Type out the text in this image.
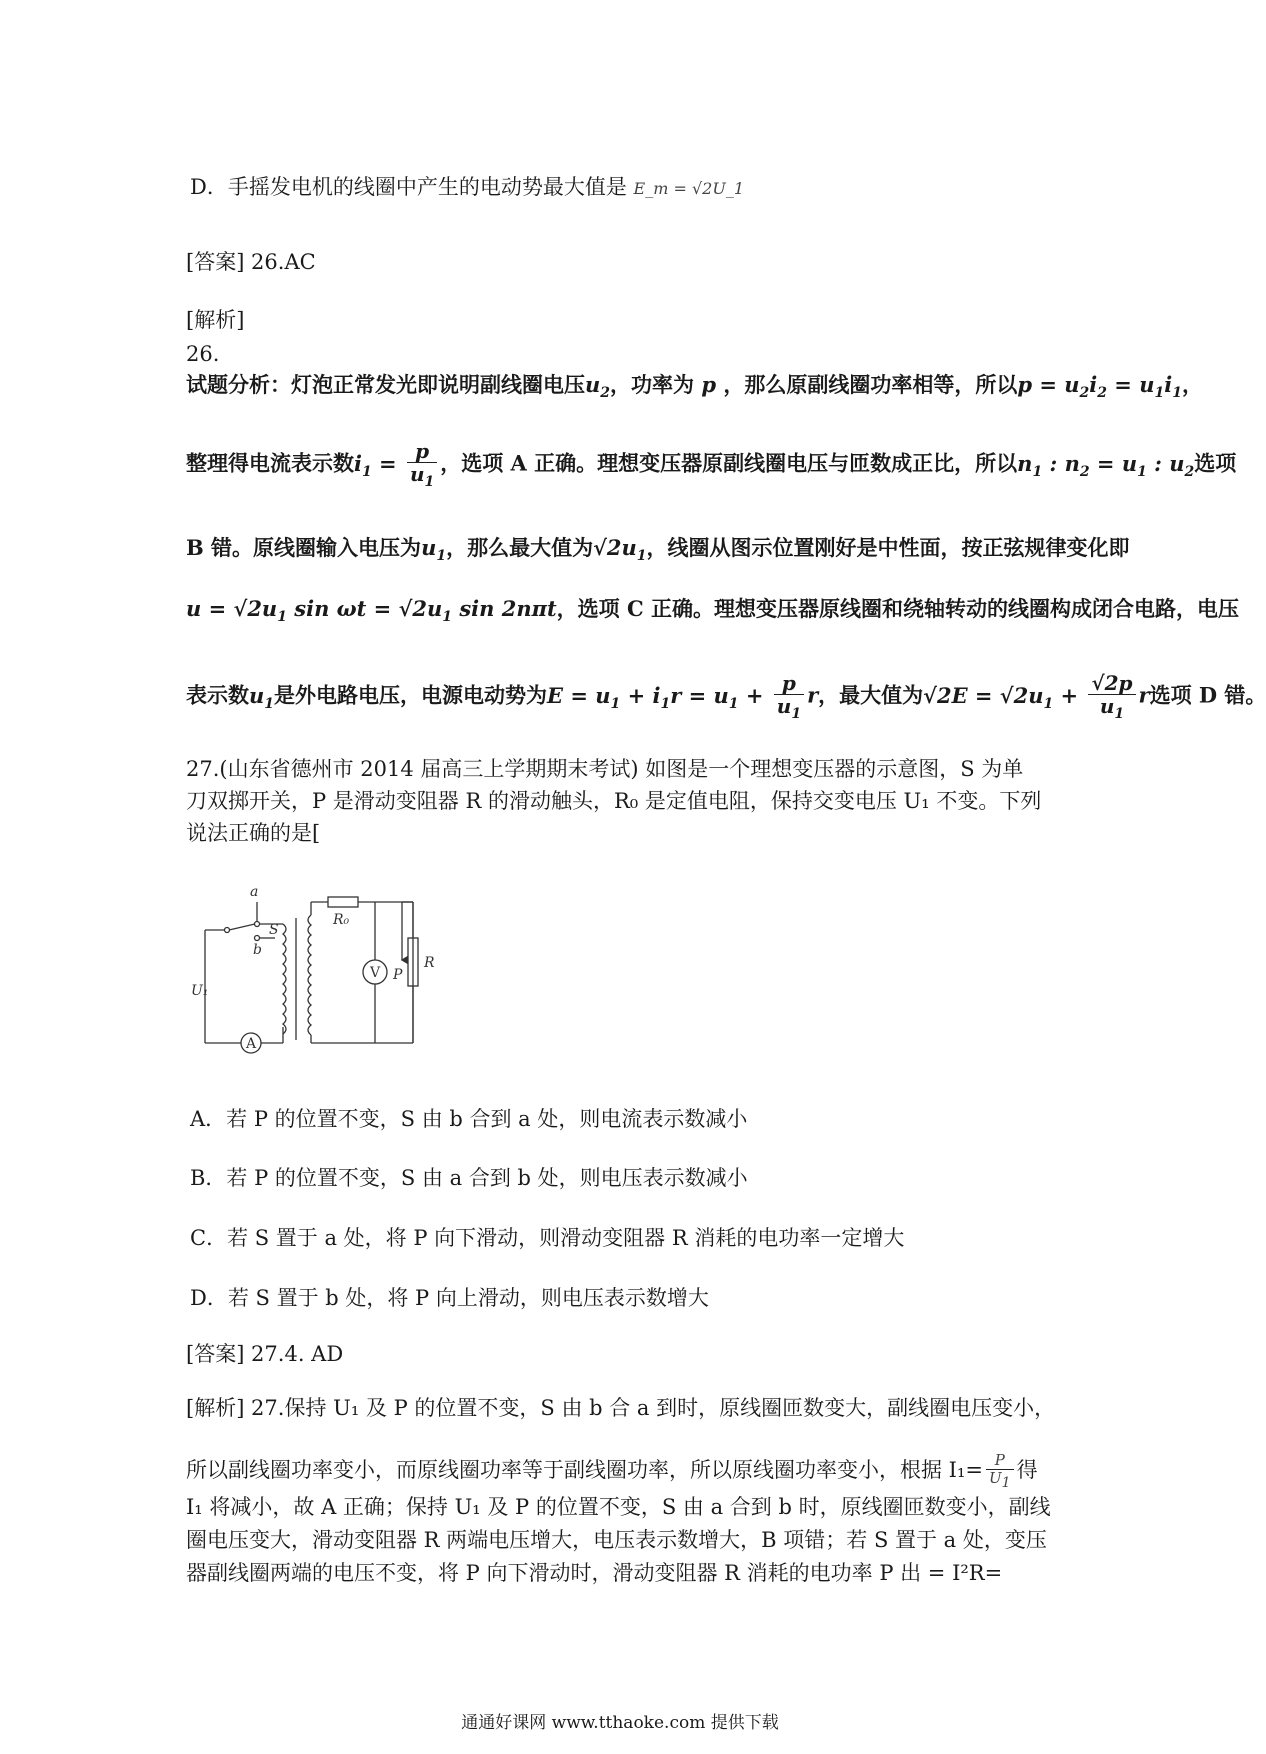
D．手摇发电机的线圈中产生的电动势最大值是 E_m = √2U_1
[答案] 26.AC
[解析]
26.
试题分析：灯泡正常发光即说明副线圈电压$u_2$，功率为 p ，那么原副线圈功率相等，所以$p = u_2i_2 = u_1i_1$，
整理得电流表示数$i_1 = \frac{p}{u_1}$ ，选项 A 正确。理想变压器原副线圈电压与匝数成正比，所以$n_1$ : $n_2 = u_1$ : $u_2$选项
B 错。原线圈输入电压为$u_1$，那么最大值为$√2u_1$，线圈从图示位置刚好是中性面，按正弦规律变化即
$u = √2u_1$ $\sin \omega t = √2u_1$ sin 2nπt，选项 C 正确。理想变压器原线圈和绕轴转动的线圈构成闭合电路，电压
表示数$u_1$是外电路电压，电源电动势为$E = u_1 + i_1r = u_1 + \frac{p}{u_1}$ r，最大值为$√2E = √2u_1 + \frac{√2p}{u_1}$ r选项 D 错。
27.(山东省德州市 2014 届高三上学期期末考试) 如图是一个理想变压器的示意图，S 为单
刀双掷开关，P 是滑动变阻器 R 的滑动触头，R₀ 是定值电阻，保持交变电压 U₁ 不变。下列
说法正确的是[
a
S
b
U₁
R₀
V P
R
A
A．若 P 的位置不变，S 由 b 合到 a 处，则电流表示数减小
B．若 P 的位置不变，S 由 a 合到 b 处，则电压表示数减小
C．若 S 置于 a 处，将 P 向下滑动，则滑动变阻器 R 消耗的电功率一定增大
D．若 S 置于 b 处，将 P 向上滑动，则电压表示数增大
[答案] 27.4. AD
[解析] 27.保持 U₁ 及 P 的位置不变，S 由 b 合 a 到时，原线圈匝数变大，副线圈电压变小，
所以副线圈功率变小，而原线圈功率等于副线圈功率，所以原线圈功率变小，根据 $I_1= \frac{P}{U_1}$ 得
I₁ 将减小，故 A 正确；保持 U₁ 及 P 的位置不变，S 由 a 合到 b 时，原线圈匝数变小，副线
圈电压变大，滑动变阻器 R 两端电压增大，电压表示数增大，B 项错；若 S 置于 a 处，变压
器副线圈两端的电压不变，将 P 向下滑动时，滑动变阻器 R 消耗的电功率 P 出 = I²R=
通通好课网 www.tthaoke.com 提供下载
